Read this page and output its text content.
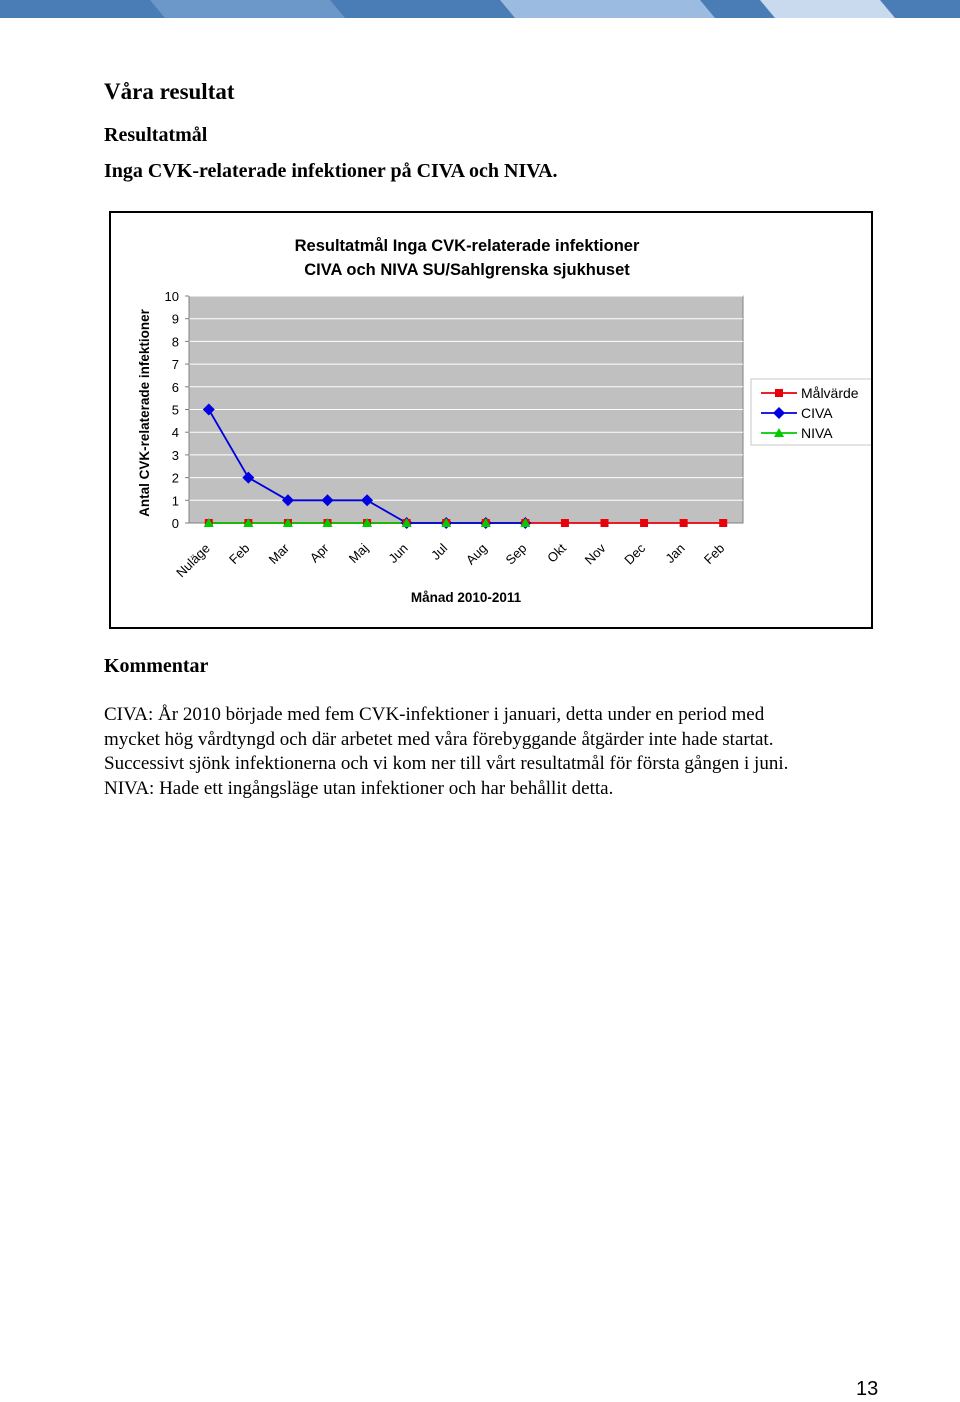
Våra resultat
Resultatmål
Inga CVK-relaterade infektioner på CIVA och NIVA.
Resultatmål Inga CVK-relaterade infektioner
CIVA och NIVA SU/Sahlgrenska sjukhuset
0
1
2
3
4
5
6
7
8
9
10
Nuläge Feb Mar Apr Maj Jun Jul Aug Sep Okt Nov Dec Jan Feb
Månad 2010-2011
Antal CVK-relaterade infektioner	Målvärde
CIVA
NIVA
Kommentar

CIVA: År 2010 började med fem CVK-infektioner i januari, detta under en period med

mycket hög vårdtyngd och där arbetet med våra förebyggande åtgärder inte hade startat.

Successivt sjönk infektionerna och vi kom ner till vårt resultatmål för första gången i juni.

NIVA: Hade ett ingångsläge utan infektioner och har behållit detta.

13
